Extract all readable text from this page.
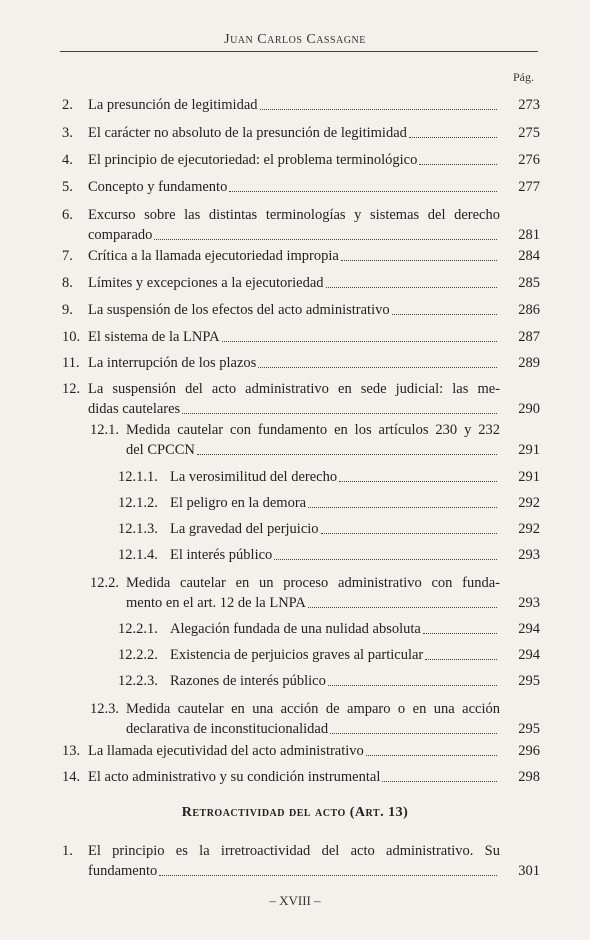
Juan Carlos Cassagne
Pág.
2.	La presunción de legitimidad	273
3.	El carácter no absoluto de la presunción de legitimidad	275
4.	El principio de ejecutoriedad: el problema terminológico	276
5.	Concepto y fundamento	277
6. Excurso sobre las distintas terminologías y sistemas del derecho
comparado	281
7.	Crítica a la llamada ejecutoriedad impropia	284
8.	Límites y excepciones a la ejecutoriedad	285
9.	La suspensión de los efectos del acto administrativo	286
10. El sistema de la LNPA	287
11. La interrupción de los plazos	289
12. La suspensión del acto administrativo en sede judicial: las me-
didas cautelares	290
12.1. Medida cautelar con fundamento en los artículos 230 y 232
del CPCCN	291
12.1.1. La verosimilitud del derecho	291
12.1.2. El peligro en la demora	292
12.1.3. La gravedad del perjuicio	292
12.1.4. El interés público	293
12.2. Medida cautelar en un proceso administrativo con funda-
mento en el art. 12 de la LNPA	293
12.2.1. Alegación fundada de una nulidad absoluta	294
12.2.2. Existencia de perjuicios graves al particular	294
12.2.3. Razones de interés público	295
12.3. Medida cautelar en una acción de amparo o en una acción
declarativa de inconstitucionalidad	295
13. La llamada ejecutividad del acto administrativo	296
14. El acto administrativo y su condición instrumental	298
Retroactividad del acto (Art. 13)
1. El principio es la irretroactividad del acto administrativo. Su
fundamento	301
– XVIII –
